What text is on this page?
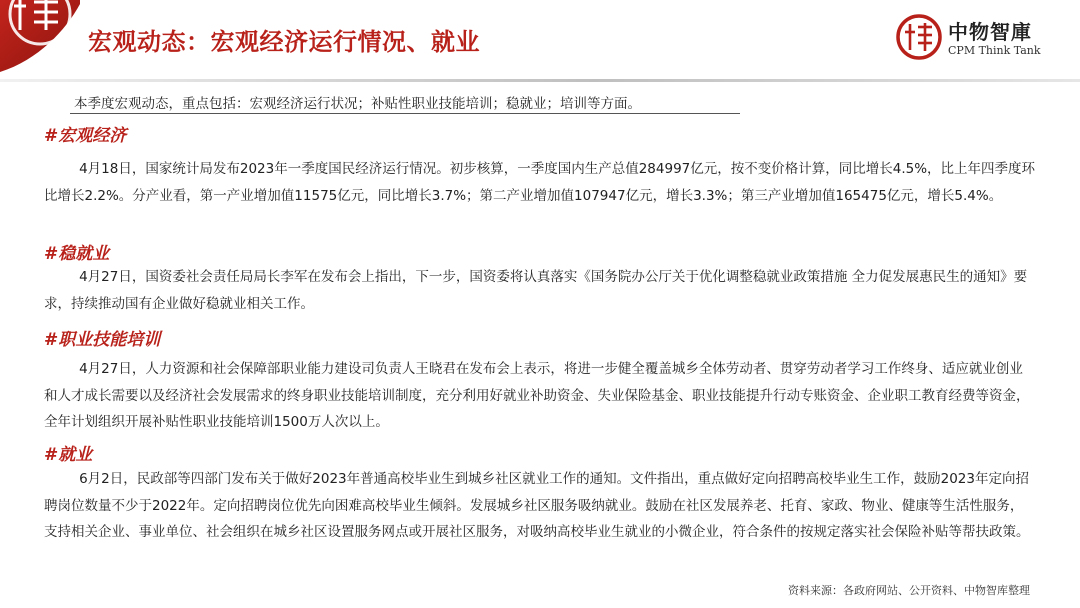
宏观动态：宏观经济运行情况、就业	中物智庫
CPM Think Tank
本季度宏观动态，重点包括：宏观经济运行状况；补贴性职业技能培训；稳就业；培训等方面。
#宏观经济
4月18日，国家统计局发布2023年一季度国民经济运行情况。初步核算，一季度国内生产总值284997亿元，按不变价格计算，同比增长4.5%，比上年四季度环比增长2.2%。分产业看，第一产业增加值11575亿元，同比增长3.7%；第二产业增加值107947亿元，增长3.3%；第三产业增加值165475亿元，增长5.4%。
#稳就业
4月27日，国资委社会责任局局长李军在发布会上指出，下一步，国资委将认真落实《国务院办公厅关于优化调整稳就业政策措施 全力促发展惠民生的通知》要求，持续推动国有企业做好稳就业相关工作。
#职业技能培训
4月27日，人力资源和社会保障部职业能力建设司负责人王晓君在发布会上表示，将进一步健全覆盖城乡全体劳动者、贯穿劳动者学习工作终身、适应就业创业和人才成长需要以及经济社会发展需求的终身职业技能培训制度，充分利用好就业补助资金、失业保险基金、职业技能提升行动专账资金、企业职工教育经费等资金，全年计划组织开展补贴性职业技能培训1500万人次以上。
#就业
6月2日，民政部等四部门发布关于做好2023年普通高校毕业生到城乡社区就业工作的通知。文件指出，重点做好定向招聘高校毕业生工作，鼓励2023年定向招聘岗位数量不少于2022年。定向招聘岗位优先向困难高校毕业生倾斜。发展城乡社区服务吸纳就业。鼓励在社区发展养老、托育、家政、物业、健康等生活性服务，支持相关企业、事业单位、社会组织在城乡社区设置服务网点或开展社区服务，对吸纳高校毕业生就业的小微企业，符合条件的按规定落实社会保险补贴等帮扶政策。
资料来源：各政府网站、公开资料、中物智库整理
